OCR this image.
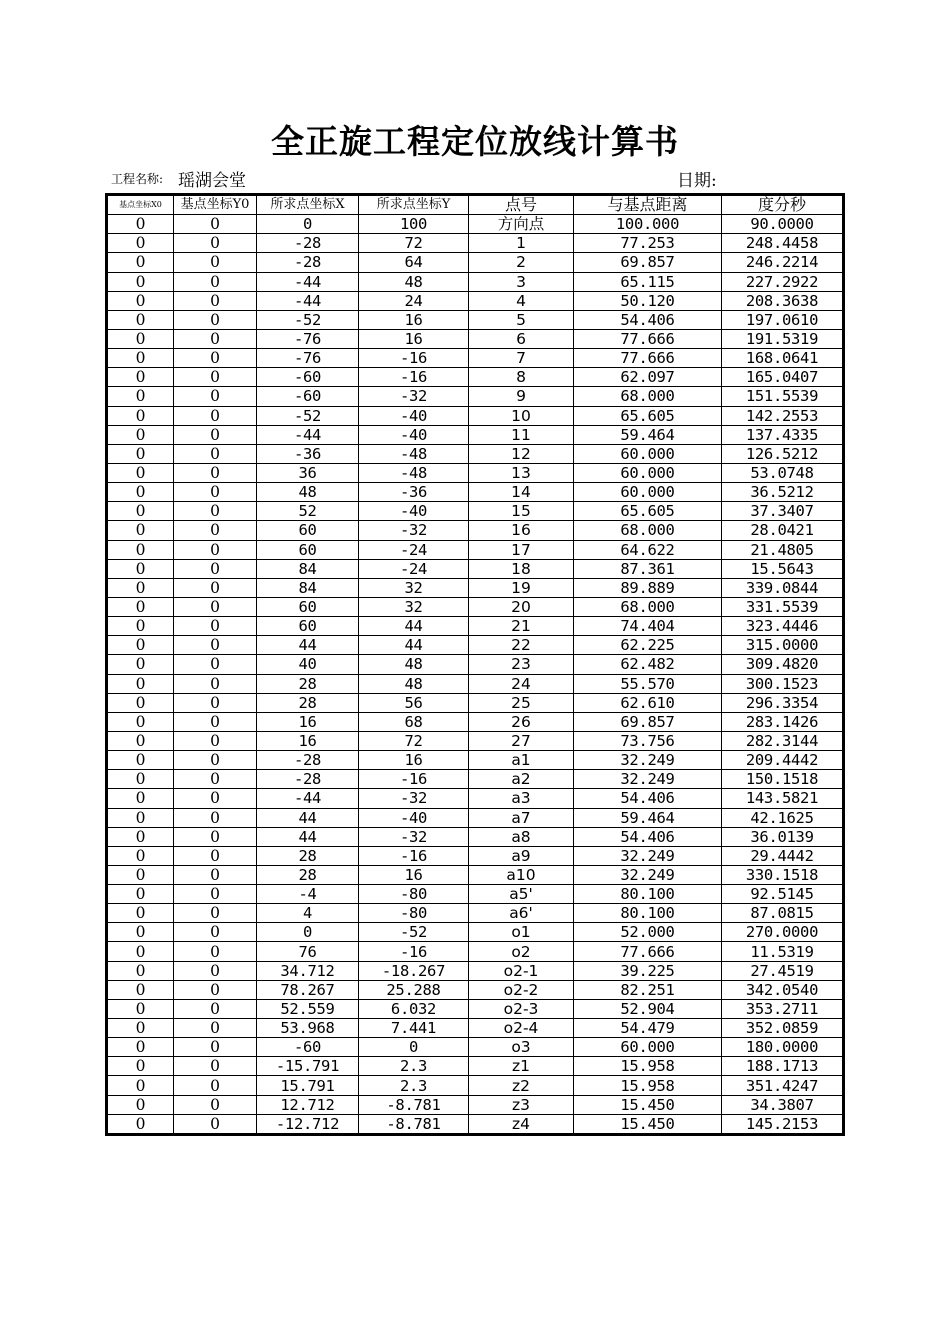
全正旋工程定位放线计算书
工程名称: 瑶湖会堂	日期:
基点坐标X0	基点坐标Y0	所求点坐标X	所求点坐标Y	点号	与基点距离	度分秒
0	0	0	100	方向点	100.000	90.0000
0	0	-28	72	1	77.253	248.4458
0	0	-28	64	2	69.857	246.2214
0	0	-44	48	3	65.115	227.2922
0	0	-44	24	4	50.120	208.3638
0	0	-52	16	5	54.406	197.0610
0	0	-76	16	6	77.666	191.5319
0	0	-76	-16	7	77.666	168.0641
0	0	-60	-16	8	62.097	165.0407
0	0	-60	-32	9	68.000	151.5539
0	0	-52	-40	10	65.605	142.2553
0	0	-44	-40	11	59.464	137.4335
0	0	-36	-48	12	60.000	126.5212
0	0	36	-48	13	60.000	53.0748
0	0	48	-36	14	60.000	36.5212
0	0	52	-40	15	65.605	37.3407
0	0	60	-32	16	68.000	28.0421
0	0	60	-24	17	64.622	21.4805
0	0	84	-24	18	87.361	15.5643
0	0	84	32	19	89.889	339.0844
0	0	60	32	20	68.000	331.5539
0	0	60	44	21	74.404	323.4446
0	0	44	44	22	62.225	315.0000
0	0	40	48	23	62.482	309.4820
0	0	28	48	24	55.570	300.1523
0	0	28	56	25	62.610	296.3354
0	0	16	68	26	69.857	283.1426
0	0	16	72	27	73.756	282.3144
0	0	-28	16	a1	32.249	209.4442
0	0	-28	-16	a2	32.249	150.1518
0	0	-44	-32	a3	54.406	143.5821
0	0	44	-40	a7	59.464	42.1625
0	0	44	-32	a8	54.406	36.0139
0	0	28	-16	a9	32.249	29.4442
0	0	28	16	a10	32.249	330.1518
0	0	-4	-80	a5'	80.100	92.5145
0	0	4	-80	a6'	80.100	87.0815
0	0	0	-52	o1	52.000	270.0000
0	0	76	-16	o2	77.666	11.5319
0	0	34.712	-18.267	o2-1	39.225	27.4519
0	0	78.267	25.288	o2-2	82.251	342.0540
0	0	52.559	6.032	o2-3	52.904	353.2711
0	0	53.968	7.441	o2-4	54.479	352.0859
0	0	-60	0	o3	60.000	180.0000
0	0	-15.791	2.3	z1	15.958	188.1713
0	0	15.791	2.3	z2	15.958	351.4247
0	0	12.712	-8.781	z3	15.450	34.3807
0	0	-12.712	-8.781	z4	15.450	145.2153
